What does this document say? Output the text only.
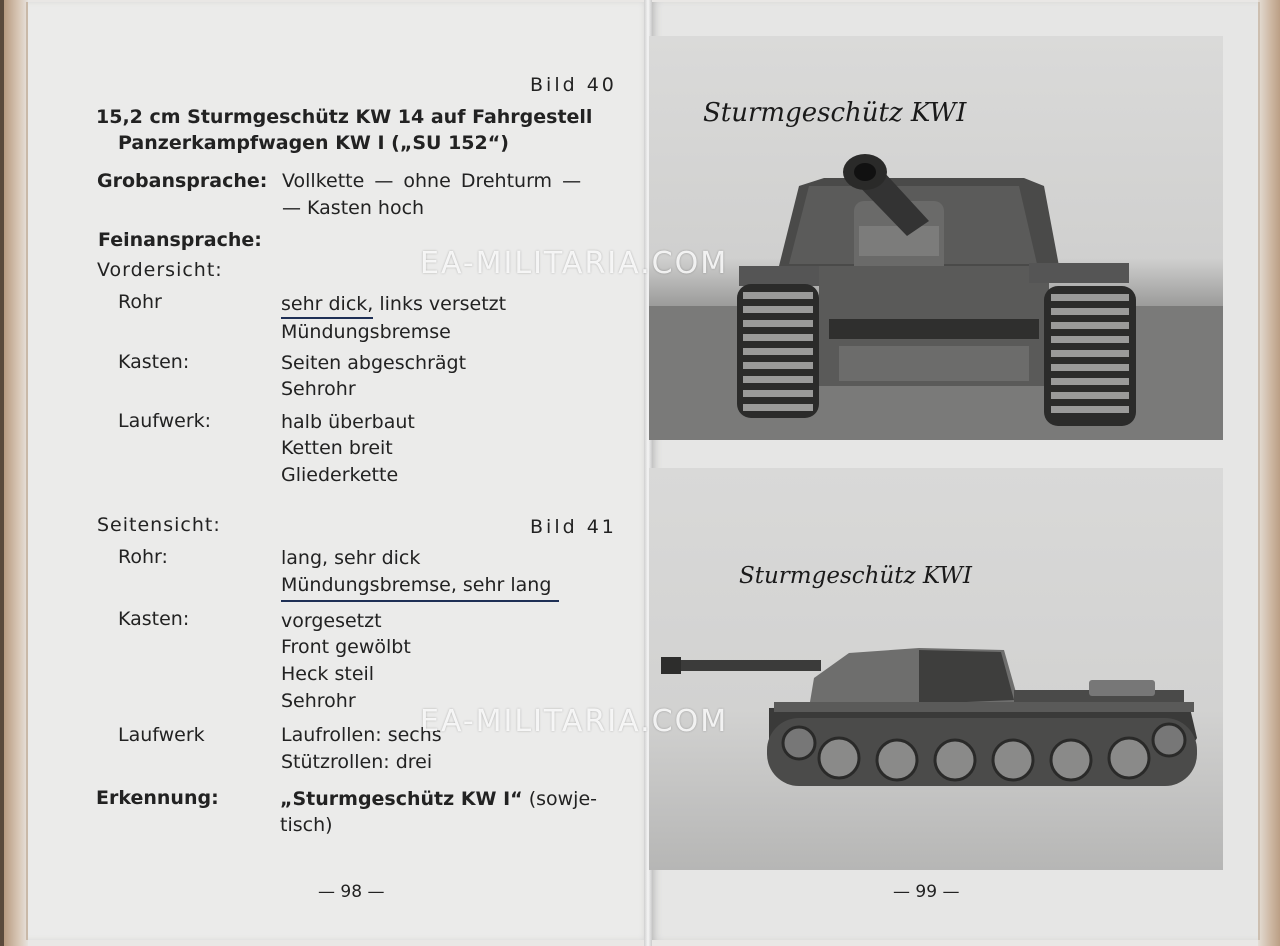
Bild 40
15,2 cm Sturmgeschütz KW 14 auf Fahrgestell
Panzerkampfwagen KW I („SU 152“)
Grobansprache: Vollkette — ohne Drehturm —
— Kasten hoch
Feinansprache:
Vordersicht:
Rohr	sehr dick, links versetzt
Mündungsbremse
Kasten:	Seiten abgeschrägt
Sehrohr
Laufwerk:	halb überbaut
Ketten breit
Gliederkette
Seitensicht:	Bild 41
Rohr:	lang, sehr dick
Mündungsbremse, sehr lang
Kasten:	vorgesetzt
Front gewölbt
Heck steil
Sehrohr
Laufwerk	Laufrollen: sechs
Stützrollen: drei
Erkennung:	„Sturmgeschütz KW I“ (sowje-
tisch)
— 98 —
Sturmgeschütz KWI
Sturmgeschütz KWI
— 99 —
EA-MILITARIA.COM
EA-MILITARIA.COM
